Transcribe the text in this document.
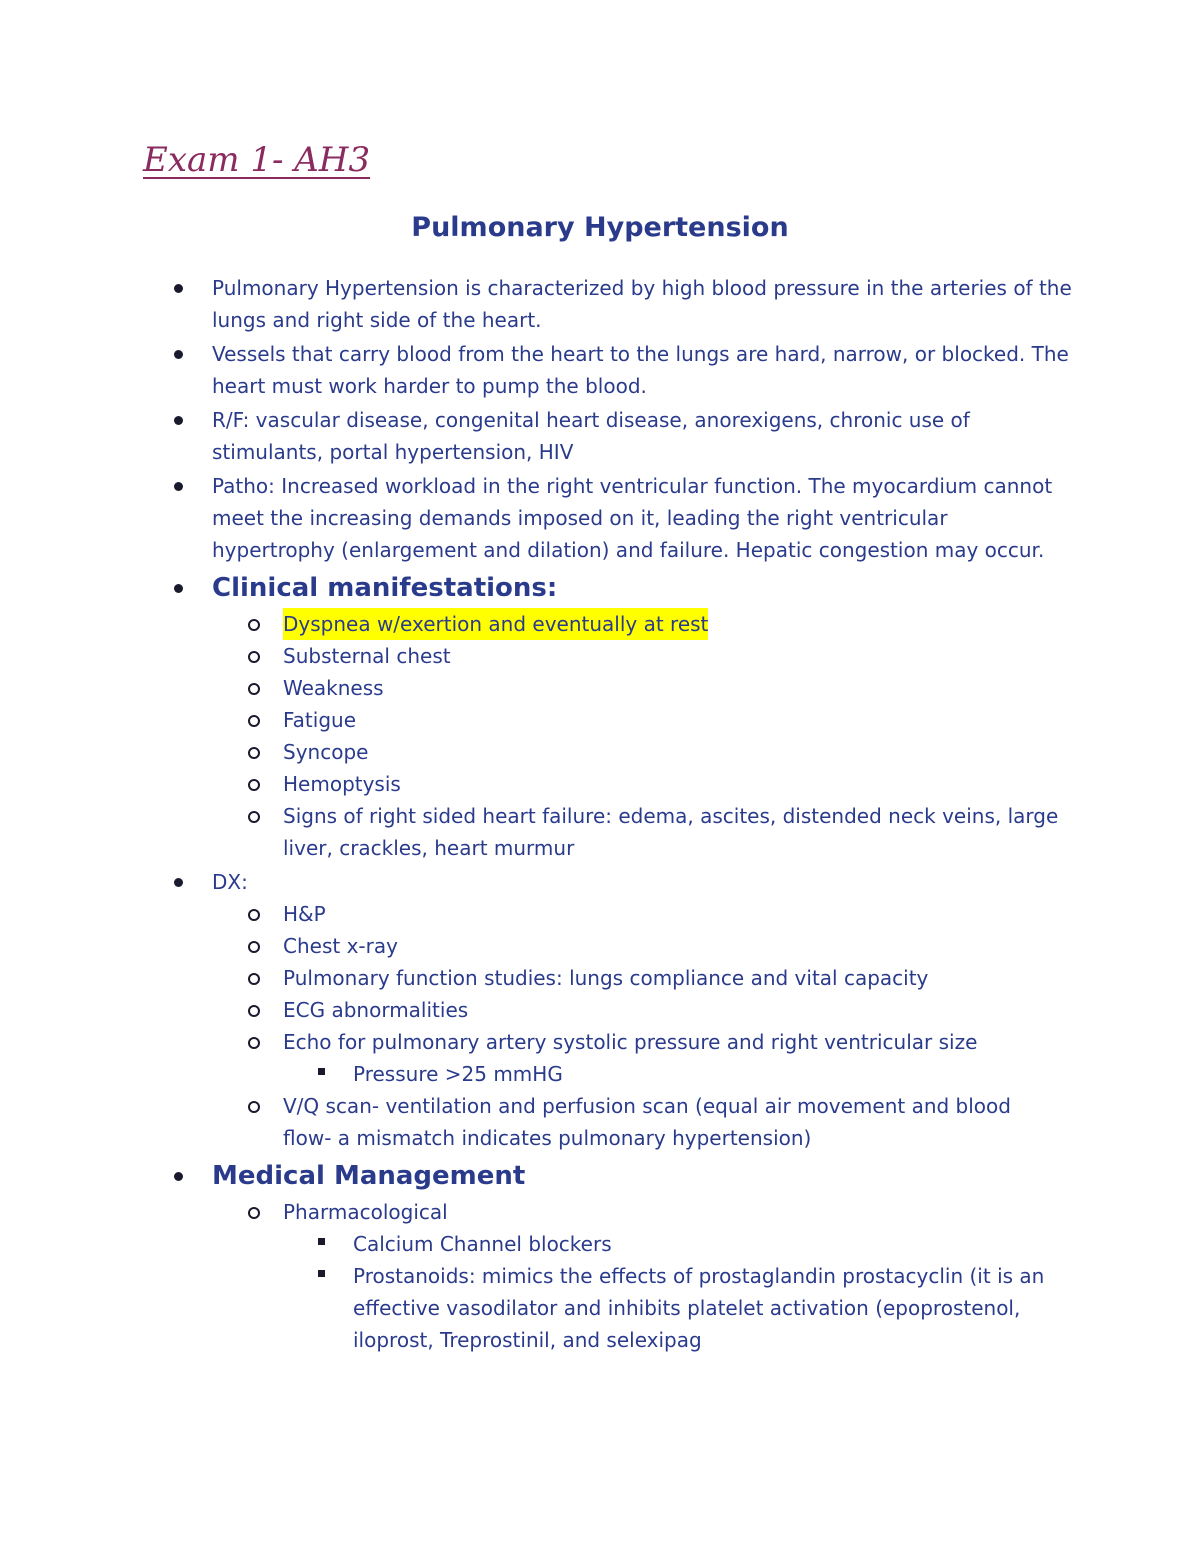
Exam 1- AH3
Pulmonary Hypertension
Pulmonary Hypertension is characterized by high blood pressure in the arteries of the lungs and right side of the heart.
Vessels that carry blood from the heart to the lungs are hard, narrow, or blocked. The heart must work harder to pump the blood.
R/F: vascular disease, congenital heart disease, anorexigens, chronic use of stimulants, portal hypertension, HIV
Patho: Increased workload in the right ventricular function. The myocardium cannot meet the increasing demands imposed on it, leading the right ventricular hypertrophy (enlargement and dilation) and failure. Hepatic congestion may occur.
Clinical manifestations:
Dyspnea w/exertion and eventually at rest
Substernal chest
Weakness
Fatigue
Syncope
Hemoptysis
Signs of right sided heart failure: edema, ascites, distended neck veins, large liver, crackles, heart murmur
DX:
H&P
Chest x-ray
Pulmonary function studies: lungs compliance and vital capacity
ECG abnormalities
Echo for pulmonary artery systolic pressure and right ventricular size
Pressure >25 mmHG
V/Q scan- ventilation and perfusion scan (equal air movement and blood flow- a mismatch indicates pulmonary hypertension)
Medical Management
Pharmacological
Calcium Channel blockers
Prostanoids: mimics the effects of prostaglandin prostacyclin (it is an effective vasodilator and inhibits platelet activation (epoprostenol, iloprost, Treprostinil, and selexipag
